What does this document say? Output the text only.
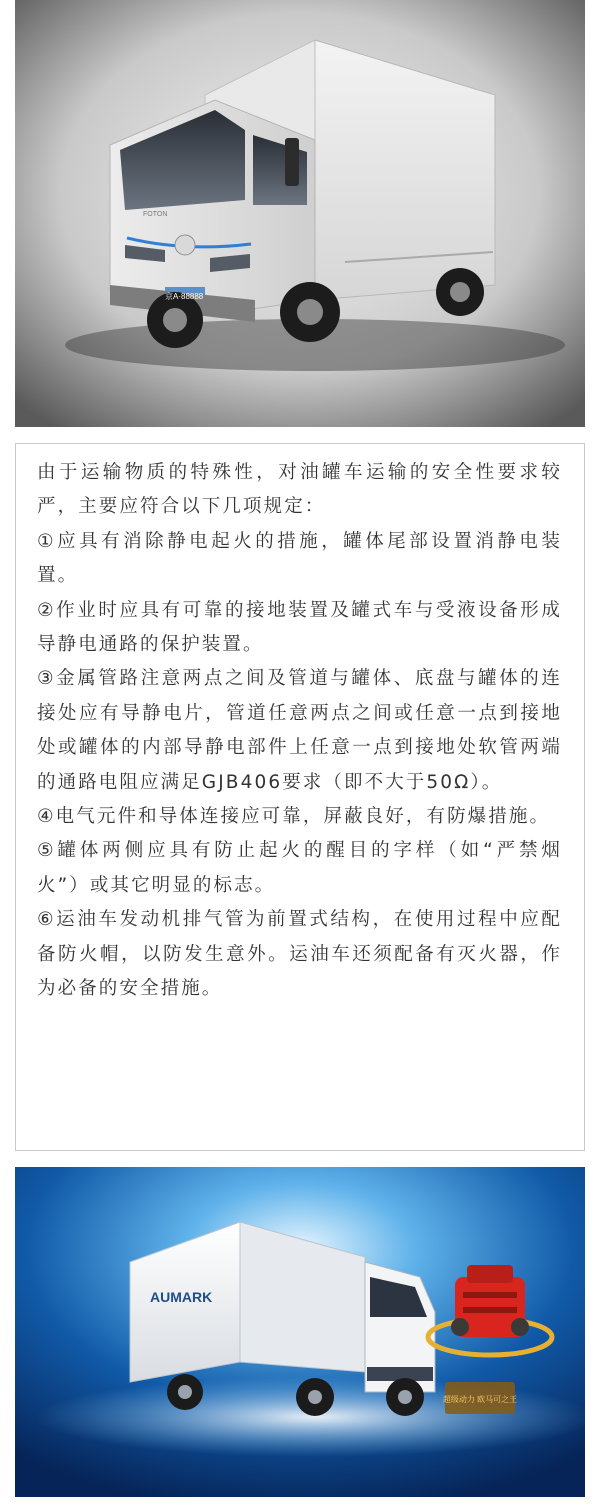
FOTON
京A·88888

由于运输物质的特殊性，对油罐车运输的安全性要求较严，主要应符合以下几项规定：

①应具有消除静电起火的措施，罐体尾部设置消静电装置。

②作业时应具有可靠的接地装置及罐式车与受液设备形成导静电通路的保护装置。

③金属管路注意两点之间及管道与罐体、底盘与罐体的连接处应有导静电片，管道任意两点之间或任意一点到接地处或罐体的内部导静电部件上任意一点到接地处软管两端的通路电阻应满足GJB406要求（即不大于50Ω）。

④电气元件和导体连接应可靠，屏蔽良好，有防爆措施。

⑤罐体两侧应具有防止起火的醒目的字样（如“严禁烟火”）或其它明显的标志。

⑥运油车发动机排气管为前置式结构，在使用过程中应配备防火帽，以防发生意外。运油车还须配备有灭火器，作为必备的安全措施。

AUMARK
超级动力 欧马可之王
